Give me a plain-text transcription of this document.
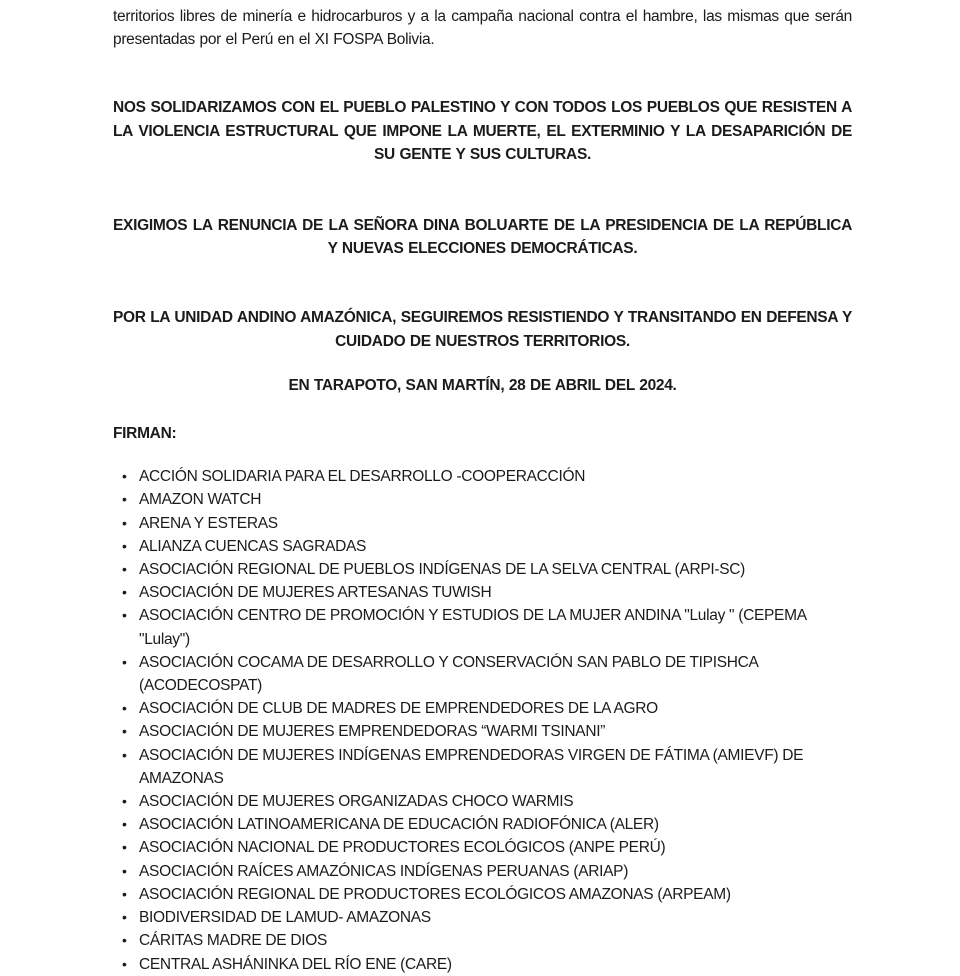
territorios libres de minería e hidrocarburos y a la campaña nacional contra el hambre, las mismas que serán presentadas por el Perú en el XI FOSPA Bolivia.

NOS SOLIDARIZAMOS CON EL PUEBLO PALESTINO Y CON TODOS LOS PUEBLOS QUE RESISTEN A LA VIOLENCIA ESTRUCTURAL QUE IMPONE LA MUERTE, EL EXTERMINIO Y LA DESAPARICIÓN DE SU GENTE Y SUS CULTURAS.

EXIGIMOS LA RENUNCIA DE LA SEÑORA DINA BOLUARTE DE LA PRESIDENCIA DE LA REPÚBLICA Y NUEVAS ELECCIONES DEMOCRÁTICAS.

POR LA UNIDAD ANDINO AMAZÓNICA, SEGUIREMOS RESISTIENDO Y TRANSITANDO EN DEFENSA Y CUIDADO DE NUESTROS TERRITORIOS.

EN TARAPOTO, SAN MARTÍN, 28 DE ABRIL DEL 2024.

FIRMAN:

• ACCIÓN SOLIDARIA PARA EL DESARROLLO -COOPERACCIÓN
• AMAZON WATCH
• ARENA Y ESTERAS
• ALIANZA CUENCAS SAGRADAS
• ASOCIACIÓN REGIONAL DE PUEBLOS INDÍGENAS DE LA SELVA CENTRAL (ARPI-SC)
• ASOCIACIÓN DE MUJERES ARTESANAS TUWISH
• ASOCIACIÓN CENTRO DE PROMOCIÓN Y ESTUDIOS DE LA MUJER ANDINA "Lulay " (CEPEMA "Lulay")
• ASOCIACIÓN COCAMA DE DESARROLLO Y CONSERVACIÓN SAN PABLO DE TIPISHCA (ACODECOSPAT)
• ASOCIACIÓN DE CLUB DE MADRES DE EMPRENDEDORES DE LA AGRO
• ASOCIACIÓN DE MUJERES EMPRENDEDORAS “WARMI TSINANI”
• ASOCIACIÓN DE MUJERES INDÍGENAS EMPRENDEDORAS VIRGEN DE FÁTIMA (AMIEVF) DE AMAZONAS
• ASOCIACIÓN DE MUJERES ORGANIZADAS CHOCO WARMIS
• ASOCIACIÓN LATINOAMERICANA DE EDUCACIÓN RADIOFÓNICA (ALER)
• ASOCIACIÓN NACIONAL DE PRODUCTORES ECOLÓGICOS (ANPE PERÚ)
• ASOCIACIÓN RAÍCES AMAZÓNICAS INDÍGENAS PERUANAS (ARIAP)
• ASOCIACIÓN REGIONAL DE PRODUCTORES ECOLÓGICOS AMAZONAS (ARPEAM)
• BIODIVERSIDAD DE LAMUD- AMAZONAS
• CÁRITAS MADRE DE DIOS
• CENTRAL ASHÁNINKA DEL RÍO ENE (CARE)
